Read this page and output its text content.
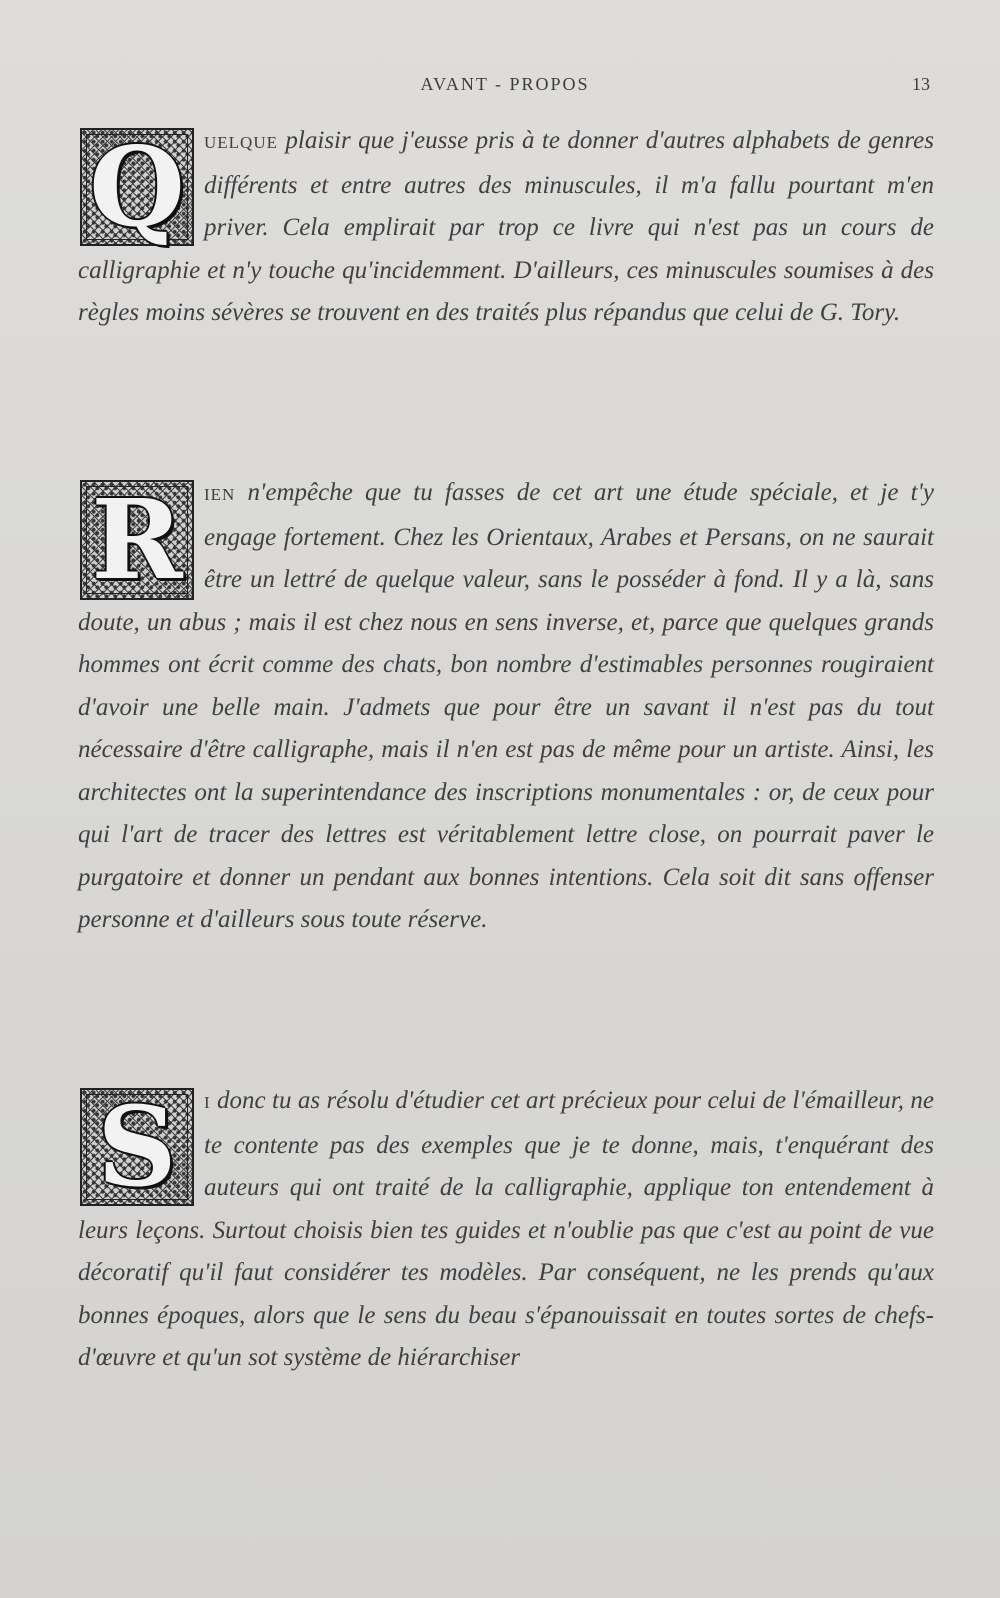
AVANT - PROPOS	13
Q UELQUE plaisir que j'eusse pris à te donner d'autres alphabets de genres différents et entre autres des minuscules, il m'a fallu pourtant m'en priver. Cela emplirait par trop ce livre qui n'est pas un cours de calligraphie et n'y touche qu'incidemment. D'ailleurs, ces minuscules soumises à des règles moins sévères se trouvent en des traités plus répandus que celui de G. Tory.
R IEN n'empêche que tu fasses de cet art une étude spéciale, et je t'y engage fortement. Chez les Orientaux, Arabes et Persans, on ne saurait être un lettré de quelque valeur, sans le posséder à fond. Il y a là, sans doute, un abus ; mais il est chez nous en sens inverse, et, parce que quelques grands hommes ont écrit comme des chats, bon nombre d'estimables personnes rougiraient d'avoir une belle main. J'admets que pour être un savant il n'est pas du tout nécessaire d'être calligraphe, mais il n'en est pas de même pour un artiste. Ainsi, les architectes ont la superintendance des inscriptions monumentales : or, de ceux pour qui l'art de tracer des lettres est véritablement lettre close, on pourrait paver le purgatoire et donner un pendant aux bonnes intentions. Cela soit dit sans offenser personne et d'ailleurs sous toute réserve.
S I donc tu as résolu d'étudier cet art précieux pour celui de l'émailleur, ne te contente pas des exemples que je te donne, mais, t'enquérant des auteurs qui ont traité de la calligraphie, applique ton entendement à leurs leçons. Surtout choisis bien tes guides et n'oublie pas que c'est au point de vue décoratif qu'il faut considérer tes modèles. Par conséquent, ne les prends qu'aux bonnes époques, alors que le sens du beau s'épanouissait en toutes sortes de chefs-d'œuvre et qu'un sot système de hiérarchiser
